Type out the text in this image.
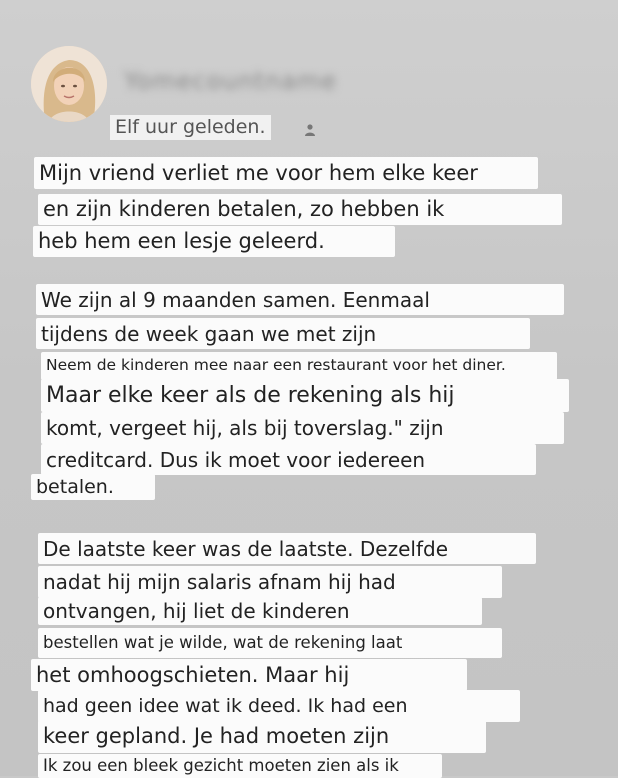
Yomecountname
Elf uur geleden.
Mijn vriend verliet me voor hem elke keer
en zijn kinderen betalen, zo hebben ik
heb hem een lesje geleerd.
We zijn al 9 maanden samen. Eenmaal
tijdens de week gaan we met zijn
Neem de kinderen mee naar een restaurant voor het diner.
Maar elke keer als de rekening als hij
komt, vergeet hij, als bij toverslag." zijn
creditcard. Dus ik moet voor iedereen
betalen.
De laatste keer was de laatste. Dezelfde
nadat hij mijn salaris afnam hij had
ontvangen, hij liet de kinderen
bestellen wat je wilde, wat de rekening laat
het omhoogschieten. Maar hij
had geen idee wat ik deed. Ik had een
keer gepland. Je had moeten zijn
Ik zou een bleek gezicht moeten zien als ik
